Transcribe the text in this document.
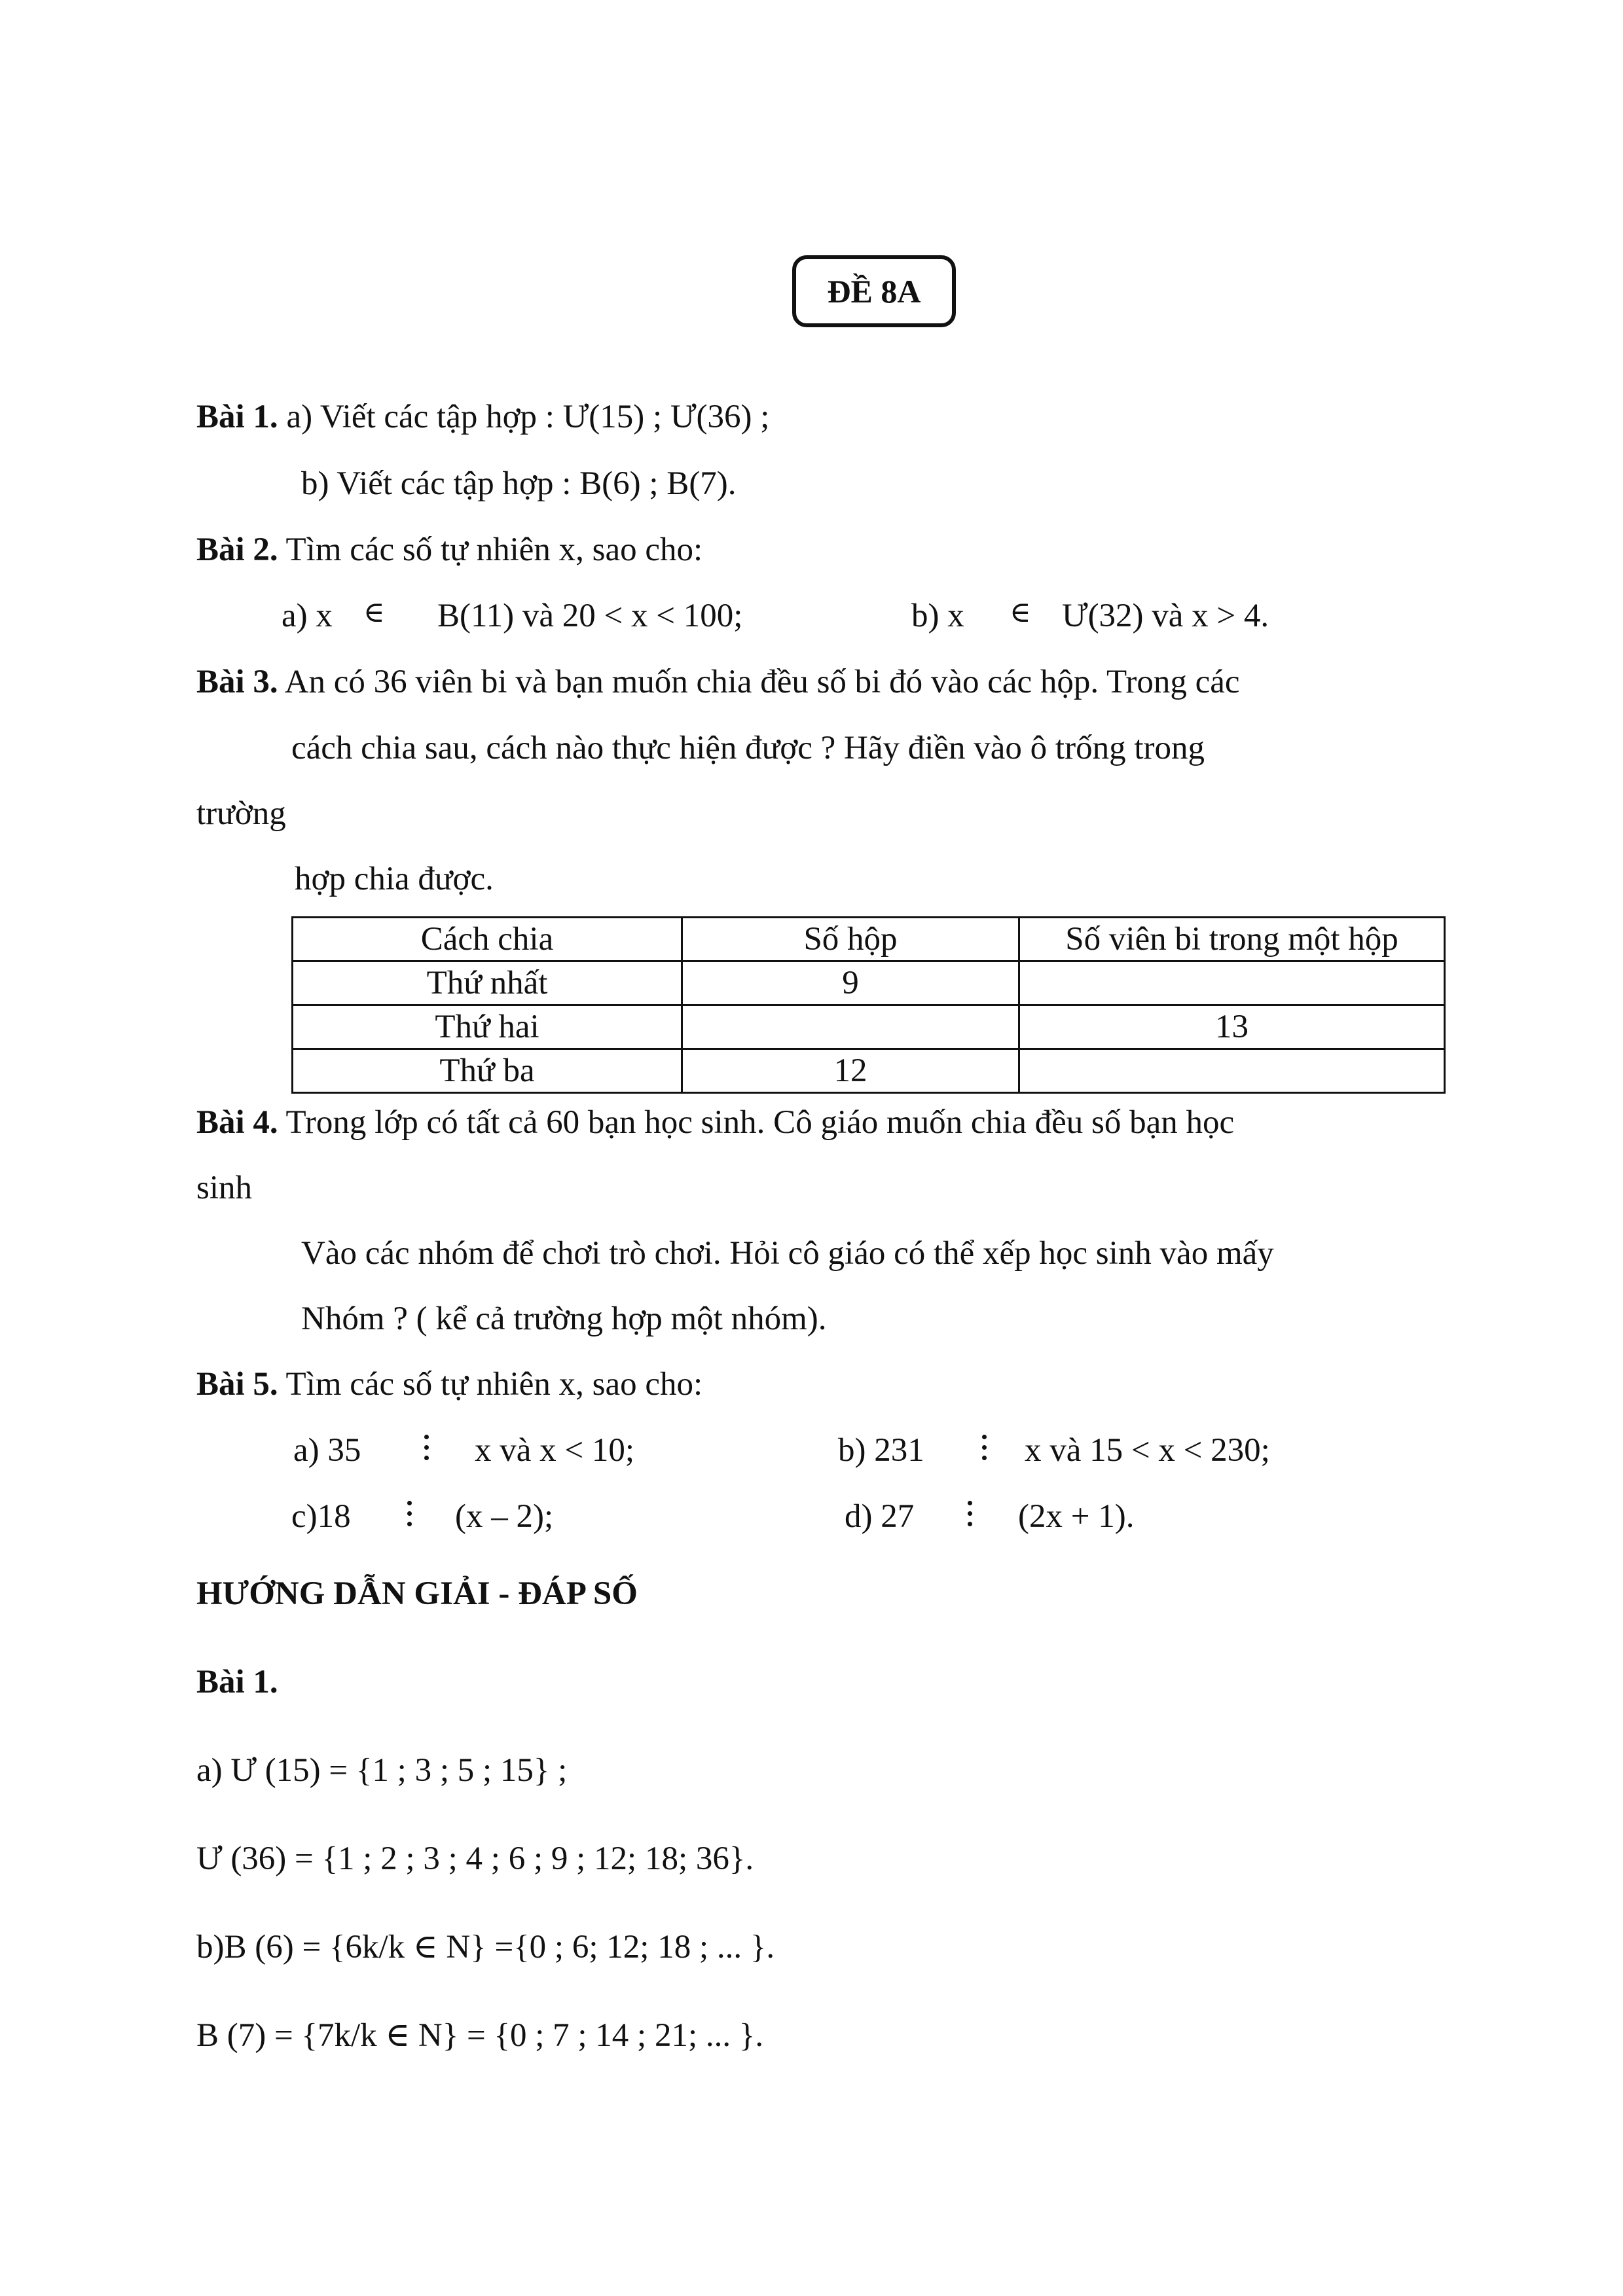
ĐỀ 8A
Bài 1. a) Viết các tập hợp : Ư(15) ; Ư(36) ;
b) Viết các tập hợp : B(6) ; B(7).
Bài 2. Tìm các số tự nhiên x, sao cho:
a) x ∈ B(11) và 20 < x < 100;	b) x ∈ Ư(32) và x > 4.
Bài 3. An có 36 viên bi và bạn muốn chia đều số bi đó vào các hộp. Trong các
cách chia sau, cách nào thực hiện được ? Hãy điền vào ô trống trong
trường
hợp chia được.
Cách chia	Số hộp	Số viên bi trong một hộp
Thứ nhất	9	
Thứ hai		13
Thứ ba	12	
Bài 4. Trong lớp có tất cả 60 bạn học sinh. Cô giáo muốn chia đều số bạn học
sinh
Vào các nhóm để chơi trò chơi. Hỏi cô giáo có thể xếp học sinh vào mấy
Nhóm ? ( kể cả trường hợp một nhóm).
Bài 5. Tìm các số tự nhiên x, sao cho:
a) 35	x và x < 10;	b) 231	x và 15 < x < 230;
c)18	(x – 2);	d) 27	(2x + 1).
HƯỚNG DẪN GIẢI - ĐÁP SỐ
Bài 1.
a) Ư (15) = {1 ; 3 ; 5 ; 15} ;
Ư (36) = {1 ; 2 ; 3 ; 4 ; 6 ; 9 ; 12; 18; 36}.
b)B (6) = {6k/k ∈ N} ={0 ; 6; 12; 18 ; ... }.
B (7) = {7k/k ∈ N} = {0 ; 7 ; 14 ; 21; ... }.
